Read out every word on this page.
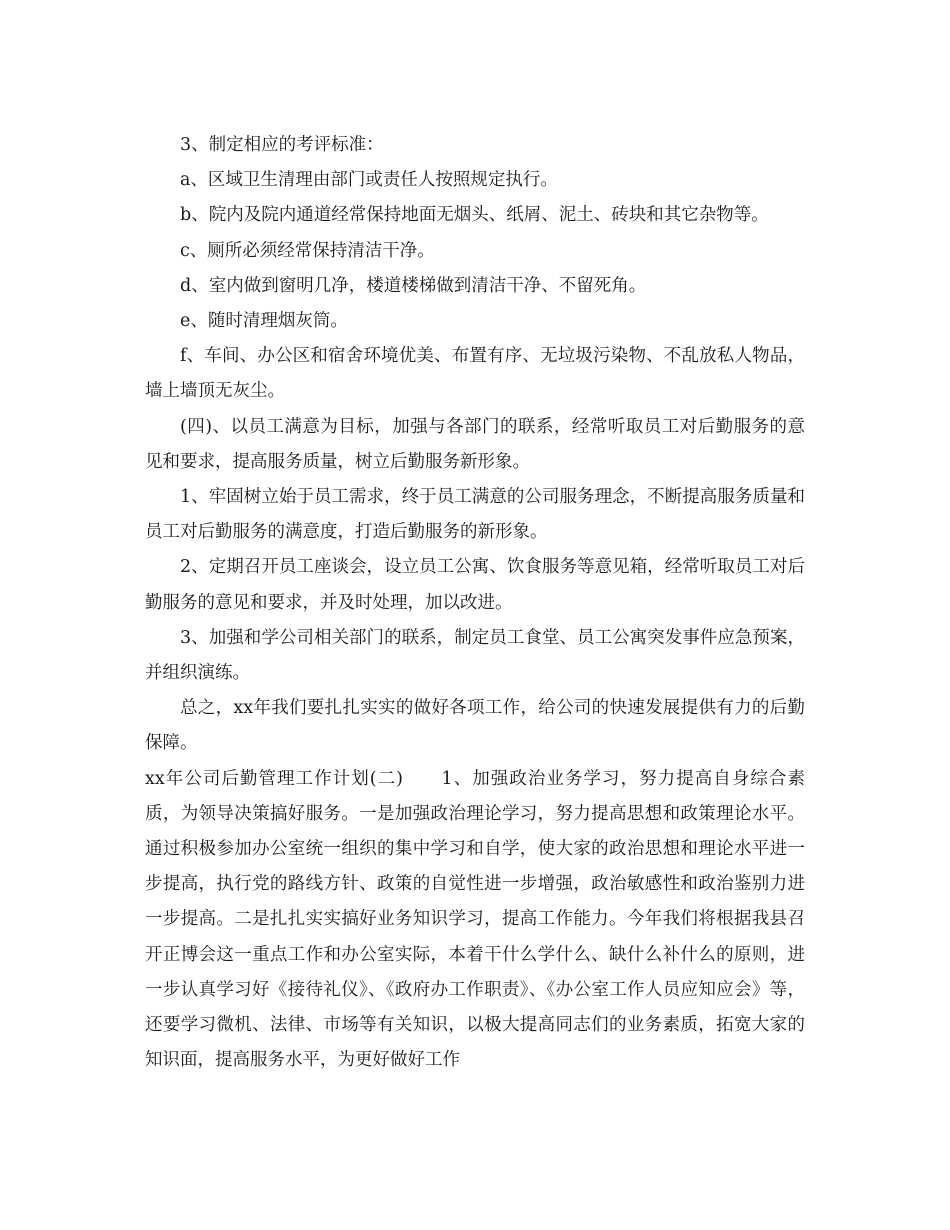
3、制定相应的考评标准：

a、区域卫生清理由部门或责任人按照规定执行。

b、院内及院内通道经常保持地面无烟头、纸屑、泥土、砖块和其它杂物等。

c、厕所必须经常保持清洁干净。

d、室内做到窗明几净，楼道楼梯做到清洁干净、不留死角。

e、随时清理烟灰筒。

f、车间、办公区和宿舍环境优美、布置有序、无垃圾污染物、不乱放私人物品，墙上墙顶无灰尘。

(四)、以员工满意为目标，加强与各部门的联系，经常听取员工对后勤服务的意见和要求，提高服务质量，树立后勤服务新形象。

1、牢固树立始于员工需求，终于员工满意的公司服务理念，不断提高服务质量和员工对后勤服务的满意度，打造后勤服务的新形象。

2、定期召开员工座谈会，设立员工公寓、饮食服务等意见箱，经常听取员工对后勤服务的意见和要求，并及时处理，加以改进。

3、加强和学公司相关部门的联系，制定员工食堂、员工公寓突发事件应急预案，并组织演练。

总之，xx年我们要扎扎实实的做好各项工作，给公司的快速发展提供有力的后勤保障。

xx年公司后勤管理工作计划(二) 1、加强政治业务学习，努力提高自身综合素质，为领导决策搞好服务。一是加强政治理论学习，努力提高思想和政策理论水平。通过积极参加办公室统一组织的集中学习和自学，使大家的政治思想和理论水平进一步提高，执行党的路线方针、政策的自觉性进一步增强，政治敏感性和政治鉴别力进一步提高。二是扎扎实实搞好业务知识学习，提高工作能力。今年我们将根据我县召开正博会这一重点工作和办公室实际，本着干什么学什么、缺什么补什么的原则，进一步认真学习好《接待礼仪》、《政府办工作职责》、《办公室工作人员应知应会》等，还要学习微机、法律、市场等有关知识，以极大提高同志们的业务素质，拓宽大家的知识面，提高服务水平，为更好做好工作
